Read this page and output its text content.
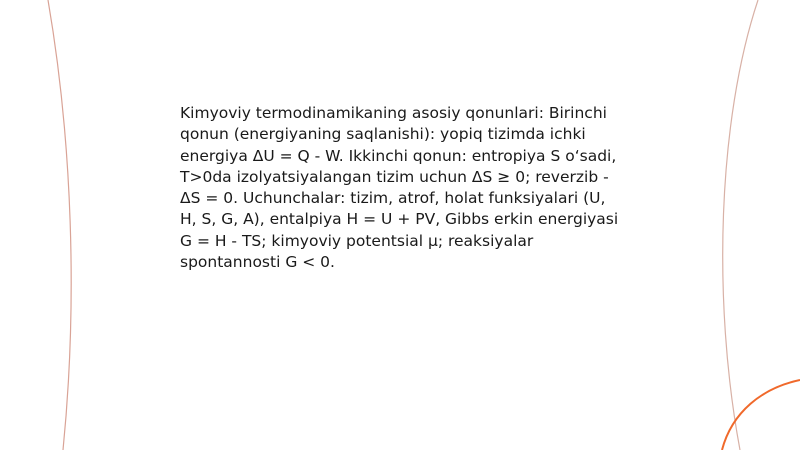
Kimyoviy termodinamikaning asosiy qonunlari: Birinchi qonun (energiyaning saqlanishi): yopiq tizimda ichki energiya ΔU = Q - W. Ikkinchi qonun: entropiya S o‘sadi, T>0da izolyatsiyalangan tizim uchun ΔS ≥ 0; reverzib - ΔS = 0. Uchunchalar: tizim, atrof, holat funksiyalari (U, H, S, G, A), entalpiya H = U + PV, Gibbs erkin energiyasi G = H - TS; kimyoviy potentsial μ; reaksiyalar spontannosti G < 0.
